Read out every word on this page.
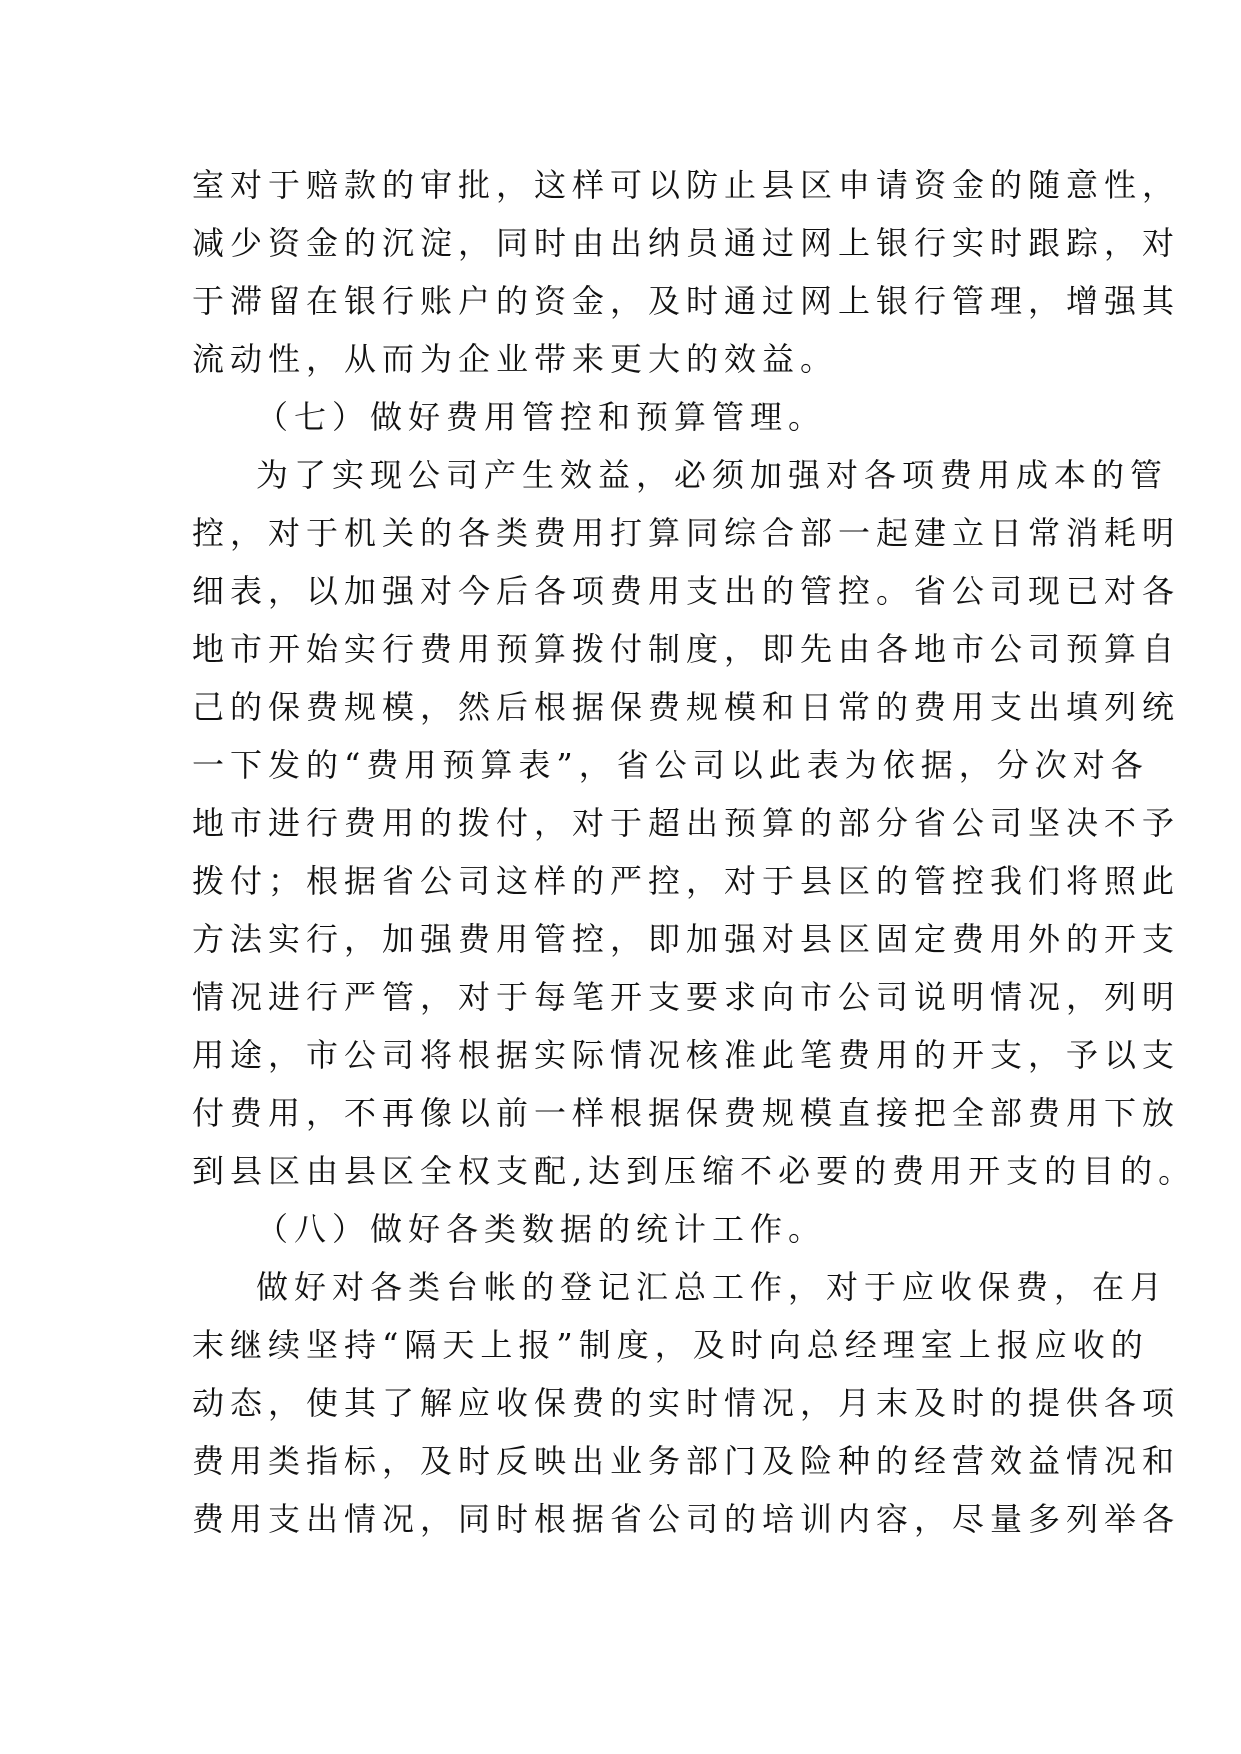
室对于赔款的审批，这样可以防止县区申请资金的随意性，
减少资金的沉淀，同时由出纳员通过网上银行实时跟踪，对
于滞留在银行账户的资金，及时通过网上银行管理，增强其
流动性，从而为企业带来更大的效益。
（七）做好费用管控和预算管理。
为了实现公司产生效益，必须加强对各项费用成本的管
控，对于机关的各类费用打算同综合部一起建立日常消耗明
细表，以加强对今后各项费用支出的管控。省公司现已对各
地市开始实行费用预算拨付制度，即先由各地市公司预算自
己的保费规模，然后根据保费规模和日常的费用支出填列统
一下发的“费用预算表”，省公司以此表为依据，分次对各
地市进行费用的拨付，对于超出预算的部分省公司坚决不予
拨付；根据省公司这样的严控，对于县区的管控我们将照此
方法实行，加强费用管控，即加强对县区固定费用外的开支
情况进行严管，对于每笔开支要求向市公司说明情况，列明
用途，市公司将根据实际情况核准此笔费用的开支，予以支
付费用，不再像以前一样根据保费规模直接把全部费用下放
到县区由县区全权支配,达到压缩不必要的费用开支的目的。
（八）做好各类数据的统计工作。
做好对各类台帐的登记汇总工作，对于应收保费，在月
末继续坚持“隔天上报”制度，及时向总经理室上报应收的
动态，使其了解应收保费的实时情况，月末及时的提供各项
费用类指标，及时反映出业务部门及险种的经营效益情况和
费用支出情况，同时根据省公司的培训内容，尽量多列举各
